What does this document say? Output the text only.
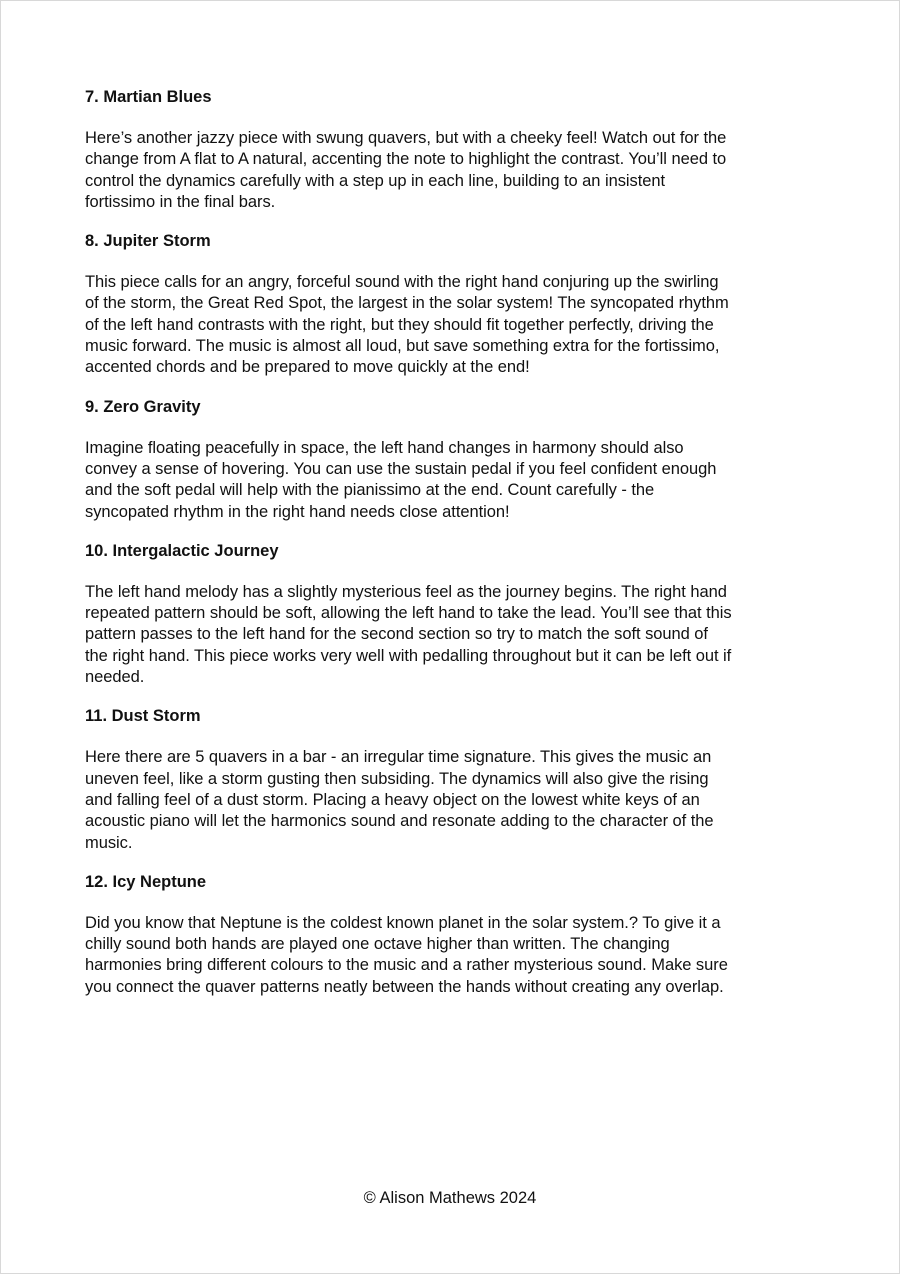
7. Martian Blues

Here’s another jazzy piece with swung quavers, but with a cheeky feel! Watch out for the
change from A flat to A natural, accenting the note to highlight the contrast. You’ll need to
control the dynamics carefully with a step up in each line, building to an insistent
fortissimo in the final bars.

8. Jupiter Storm

This piece calls for an angry, forceful sound with the right hand conjuring up the swirling
of the storm, the Great Red Spot, the largest in the solar system! The syncopated rhythm
of the left hand contrasts with the right, but they should fit together perfectly, driving the
music forward. The music is almost all loud, but save something extra for the fortissimo,
accented chords and be prepared to move quickly at the end!

9. Zero Gravity

Imagine floating peacefully in space, the left hand changes in harmony should also
convey a sense of hovering. You can use the sustain pedal if you feel confident enough
and the soft pedal will help with the pianissimo at the end. Count carefully - the
syncopated rhythm in the right hand needs close attention!

10. Intergalactic Journey

The left hand melody has a slightly mysterious feel as the journey begins. The right hand
repeated pattern should be soft, allowing the left hand to take the lead. You’ll see that this
pattern passes to the left hand for the second section so try to match the soft sound of
the right hand. This piece works very well with pedalling throughout but it can be left out if
needed.

11. Dust Storm

Here there are 5 quavers in a bar - an irregular time signature. This gives the music an
uneven feel, like a storm gusting then subsiding. The dynamics will also give the rising
and falling feel of a dust storm. Placing a heavy object on the lowest white keys of an
acoustic piano will let the harmonics sound and resonate adding to the character of the
music.

12. Icy Neptune

Did you know that Neptune is the coldest known planet in the solar system.? To give it a
chilly sound both hands are played one octave higher than written. The changing
harmonies bring different colours to the music and a rather mysterious sound. Make sure
you connect the quaver patterns neatly between the hands without creating any overlap.

© Alison Mathews 2024
